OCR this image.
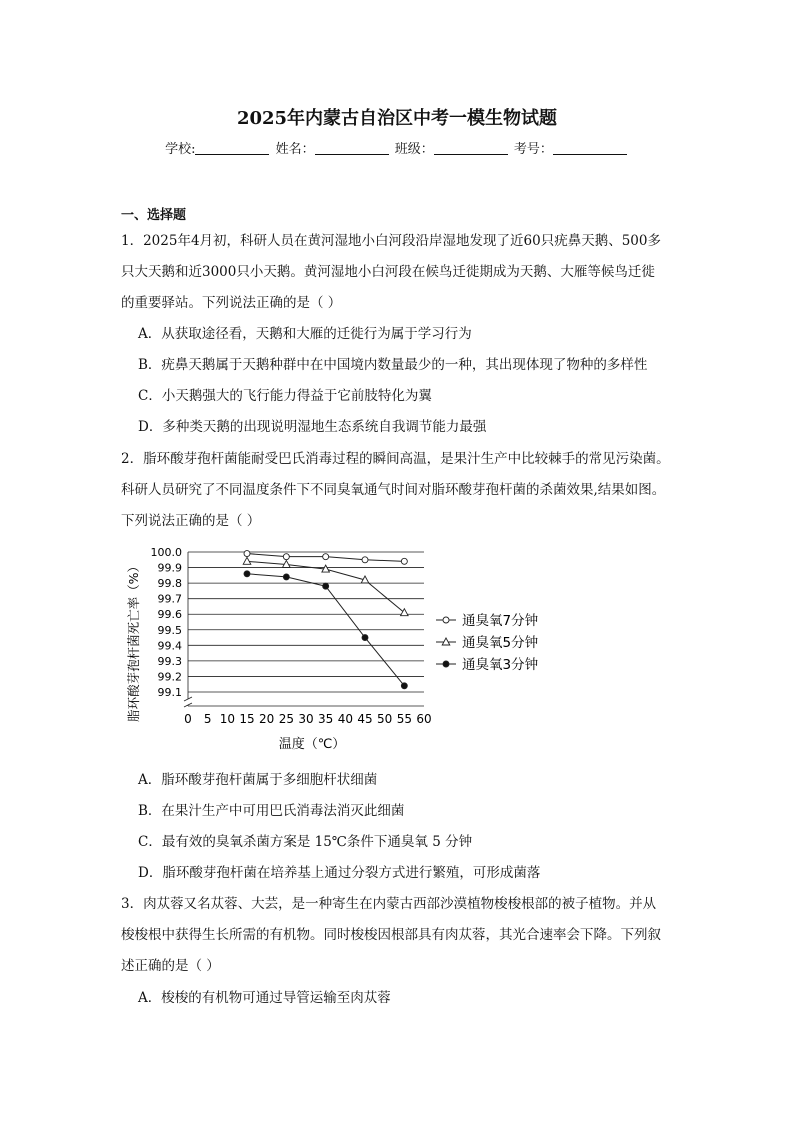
2025年内蒙古自治区中考一模生物试题
学校:	姓名：	班级：	考号：
一、选择题
1．2025年4月初，科研人员在黄河湿地小白河段沿岸湿地发现了近60只疣鼻天鹅、500多
只大天鹅和近3000只小天鹅。黄河湿地小白河段在候鸟迁徙期成为天鹅、大雁等候鸟迁徙
的重要驿站。下列说法正确的是（ ）
A．从获取途径看，天鹅和大雁的迁徙行为属于学习行为
B．疣鼻天鹅属于天鹅种群中在中国境内数量最少的一种，其出现体现了物种的多样性
C．小天鹅强大的飞行能力得益于它前肢特化为翼
D．多种类天鹅的出现说明湿地生态系统自我调节能力最强
2．脂环酸芽孢杆菌能耐受巴氏消毒过程的瞬间高温，是果汁生产中比较棘手的常见污染菌。
科研人员研究了不同温度条件下不同臭氧通气时间对脂环酸芽孢杆菌的杀菌效果,结果如图。
下列说法正确的是（ ）
99.1
99.2
99.3
99.4
99.5
99.6
99.7
99.8
99.9
100.0
0 5 10 15 20 25 30 35 40 45 50 55 60
通臭氧7分钟
通臭氧5分钟
通臭氧3分钟
温度（℃）
脂环酸芽孢杆菌死亡率（%）
A．脂环酸芽孢杆菌属于多细胞杆状细菌
B．在果汁生产中可用巴氏消毒法消灭此细菌
C．最有效的臭氧杀菌方案是 15℃条件下通臭氧 5 分钟
D．脂环酸芽孢杆菌在培养基上通过分裂方式进行繁殖，可形成菌落
3．肉苁蓉又名苁蓉、大芸，是一种寄生在内蒙古西部沙漠植物梭梭根部的被子植物。并从
梭梭根中获得生长所需的有机物。同时梭梭因根部具有肉苁蓉，其光合速率会下降。下列叙
述正确的是（ ）
A．梭梭的有机物可通过导管运输至肉苁蓉
